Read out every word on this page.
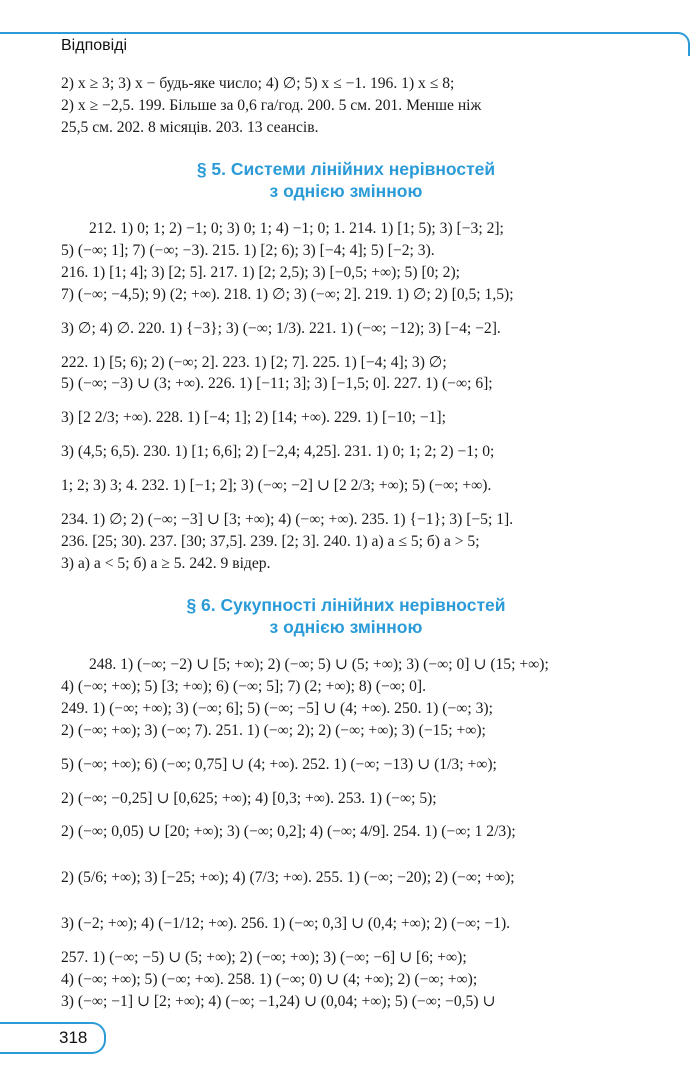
Відповіді

2) x ≥ 3; 3) x − будь-яке число; 4) ∅; 5) x ≤ −1. 196. 1) x ≤ 8;

2) x ≥ −2,5. 199. Більше за 0,6 га/год. 200. 5 см. 201. Менше ніж

25,5 см. 202. 8 місяців. 203. 13 сеансів.

§ 5. Системи лінійних нерівностей

з однією змінною

212. 1) 0; 1; 2) −1; 0; 3) 0; 1; 4) −1; 0; 1. 214. 1) [1; 5); 3) [−3; 2];

5) (−∞; 1]; 7) (−∞; −3). 215. 1) [2; 6); 3) [−4; 4]; 5) [−2; 3).

216. 1) [1; 4]; 3) [2; 5]. 217. 1) [2; 2,5); 3) [−0,5; +∞); 5) [0; 2);

7) (−∞; −4,5); 9) (2; +∞). 218. 1) ∅; 3) (−∞; 2]. 219. 1) ∅; 2) [0,5; 1,5);

3) ∅; 4) ∅. 220. 1) {−3}; 3) (−∞; 1/3). 221. 1) (−∞; −12); 3) [−4; −2].

222. 1) [5; 6); 2) (−∞; 2]. 223. 1) [2; 7]. 225. 1) [−4; 4]; 3) ∅;

5) (−∞; −3) ∪ (3; +∞). 226. 1) [−11; 3]; 3) [−1,5; 0]. 227. 1) (−∞; 6];

3) [2 2/3; +∞). 228. 1) [−4; 1]; 2) [14; +∞). 229. 1) [−10; −1];

3) (4,5; 6,5). 230. 1) [1; 6,6]; 2) [−2,4; 4,25]. 231. 1) 0; 1; 2; 2) −1; 0;

1; 2; 3) 3; 4. 232. 1) [−1; 2]; 3) (−∞; −2] ∪ [2 2/3; +∞); 5) (−∞; +∞).

234. 1) ∅; 2) (−∞; −3] ∪ [3; +∞); 4) (−∞; +∞). 235. 1) {−1}; 3) [−5; 1].

236. [25; 30). 237. [30; 37,5]. 239. [2; 3]. 240. 1) a) a ≤ 5; б) a > 5;

3) a) a < 5; б) a ≥ 5. 242. 9 відер.

§ 6. Сукупності лінійних нерівностей

з однією змінною

248. 1) (−∞; −2) ∪ [5; +∞); 2) (−∞; 5) ∪ (5; +∞); 3) (−∞; 0] ∪ (15; +∞);

4) (−∞; +∞); 5) [3; +∞); 6) (−∞; 5]; 7) (2; +∞); 8) (−∞; 0].

249. 1) (−∞; +∞); 3) (−∞; 6]; 5) (−∞; −5] ∪ (4; +∞). 250. 1) (−∞; 3);

2) (−∞; +∞); 3) (−∞; 7). 251. 1) (−∞; 2); 2) (−∞; +∞); 3) (−15; +∞);

5) (−∞; +∞); 6) (−∞; 0,75] ∪ (4; +∞). 252. 1) (−∞; −13) ∪ (1/3; +∞);

2) (−∞; −0,25] ∪ [0,625; +∞); 4) [0,3; +∞). 253. 1) (−∞; 5);

2) (−∞; 0,05) ∪ [20; +∞); 3) (−∞; 0,2]; 4) (−∞; 4/9]. 254. 1) (−∞; 1 2/3);

2) (5/6; +∞); 3) [−25; +∞); 4) (7/3; +∞). 255. 1) (−∞; −20); 2) (−∞; +∞);

3) (−2; +∞); 4) (−1/12; +∞). 256. 1) (−∞; 0,3] ∪ (0,4; +∞); 2) (−∞; −1).

257. 1) (−∞; −5) ∪ (5; +∞); 2) (−∞; +∞); 3) (−∞; −6] ∪ [6; +∞);

4) (−∞; +∞); 5) (−∞; +∞). 258. 1) (−∞; 0) ∪ (4; +∞); 2) (−∞; +∞);

3) (−∞; −1] ∪ [2; +∞); 4) (−∞; −1,24) ∪ (0,04; +∞); 5) (−∞; −0,5) ∪

318
